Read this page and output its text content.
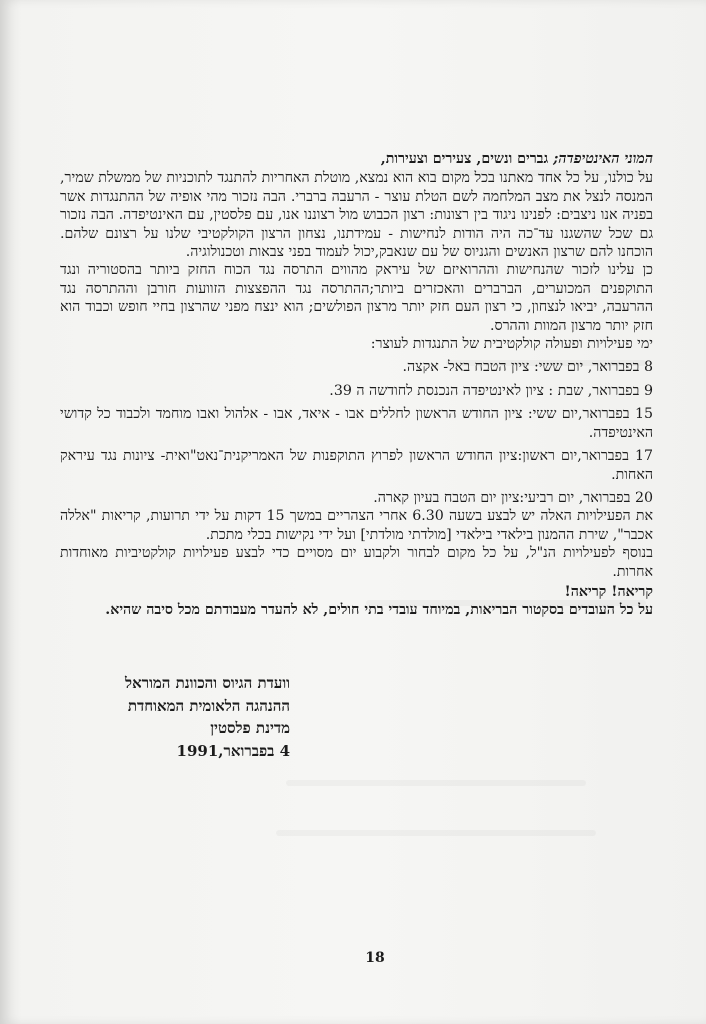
המוני האינטיפדה; גברים ונשים, צעירים וצעירות,

על כולנו, על כל אחד מאתנו בכל מקום בוא הוא נמצא, מוטלת האחריות להתנגד לתוכניות של ממשלת שמיר, המנסה לנצל את מצב המלחמה לשם הטלת עוצר - הרעבה ברברי. הבה נזכור מהי אופיה של ההתנגדות אשר בפניה אנו ניצבים: לפנינו ניגוד בין רצונות: רצון הכבוש מול רצוננו אנו, עם פלסטין, עם האינטיפדה. הבה נזכור גם שכל שהשגנו עד־כה היה הודות לנחישות - עמידתנו, נצחון הרצון הקולקטיבי שלנו על רצונם שלהם. הוכחנו להם שרצון האנשים והגניוס של עם שנאבק,יכול לעמוד בפני צבאות וטכנולוגיה.

כן עלינו לזכור שהנחישות וההרואיזם של עיראק מהווים התרסה נגד הכוח החזק ביותר בהסטוריה ונגד התוקפנים המכוערים, הברברים והאכזרים ביותר;ההתרסה נגד ההפצצות הזוועות חורבן וההתרסה נגד ההרעבה, יביאו לנצחון, כי רצון העם חזק יותר מרצון הפולשים; הוא ינצח מפני שהרצון בחיי חופש וכבוד הוא חזק יותר מרצון המוות וההרס.

ימי פעילויות ופעולה קולקטיבית של התנגדות לעוצר:

8 בפברואר, יום ששי: ציון הטבח באל- אקצה.

9 בפברואר, שבת : ציון לאינטיפדה הנכנסת לחודשה ה 39.

15 בפברואר,יום ששי: ציון החודש הראשון לחללים אבו - איאד, אבו - אלהול ואבו מוחמד ולכבוד כל קדושי האינטיפדה.

17 בפברואר,יום ראשון:ציון החודש הראשון לפרוץ התוקפנות של האמריקנית־נאט"ואית- ציונות נגד עיראק האחות.

20 בפברואר, יום רביעי:ציון יום הטבח בעיון קארה.

את הפעילויות האלה יש לבצע בשעה 6.30 אחרי הצהריים במשך 15 דקות על ידי תרועות, קריאות "אללה אכבר", שירת ההמנון בילאדי בילאדי [מולדתי מולדתי] ועל ידי נקישות בכלי מתכת.

בנוסף לפעילויות הנ"ל, על כל מקום לבחור ולקבוע יום מסויים כדי לבצע פעילויות קולקטיביות מאוחדות אחרות.

קריאה! קריאה!

על כל העובדים בסקטור הבריאות, במיוחד עובדי בתי חולים, לא להעדר מעבודתם מכל סיבה שהיא.

וועדת הגיוס והכוונת המוראל
ההנהגה הלאומית המאוחדת
מדינת פלסטין
4 בפברואר,1991
18
